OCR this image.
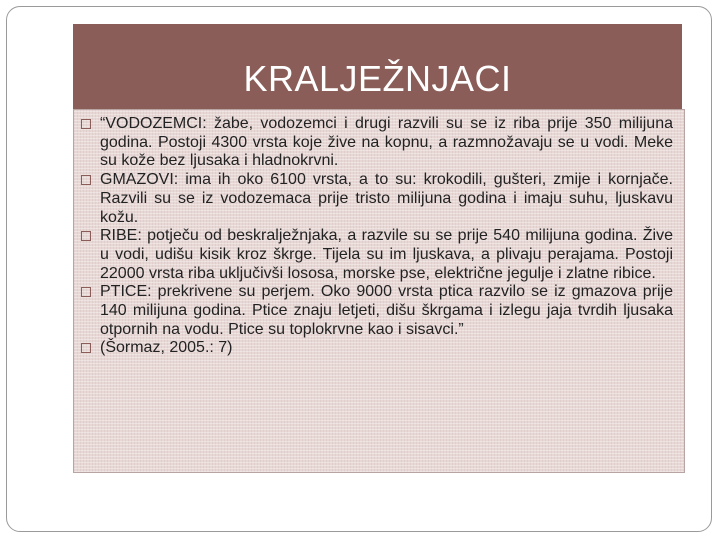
KRALJEŽNJACI
“VODOZEMCI: žabe, vodozemci i drugi razvili su se iz riba prije 350 milijuna godina. Postoji 4300 vrsta koje žive na kopnu, a razmnožavaju se u vodi. Meke su kože bez ljusaka i hladnokrvni.
GMAZOVI: ima ih oko 6100 vrsta, a to su: krokodili, gušteri, zmije i kornjače. Razvili su se iz vodozemaca prije tristo milijuna godina i imaju suhu, ljuskavu kožu.
RIBE: potječu od beskralježnjaka, a razvile su se prije 540 milijuna godina. Žive u vodi, udišu kisik kroz škrge. Tijela su im ljuskava, a plivaju perajama. Postoji 22000 vrsta riba uključivši lososa, morske pse, električne jegulje i zlatne ribice.
PTICE: prekrivene su perjem. Oko 9000 vrsta ptica razvilo se iz gmazova prije 140 milijuna godina. Ptice znaju letjeti, dišu škrgama i izlegu jaja tvrdih ljusaka otpornih na vodu. Ptice su toplokrvne kao i sisavci.”
(Šormaz, 2005.: 7)
